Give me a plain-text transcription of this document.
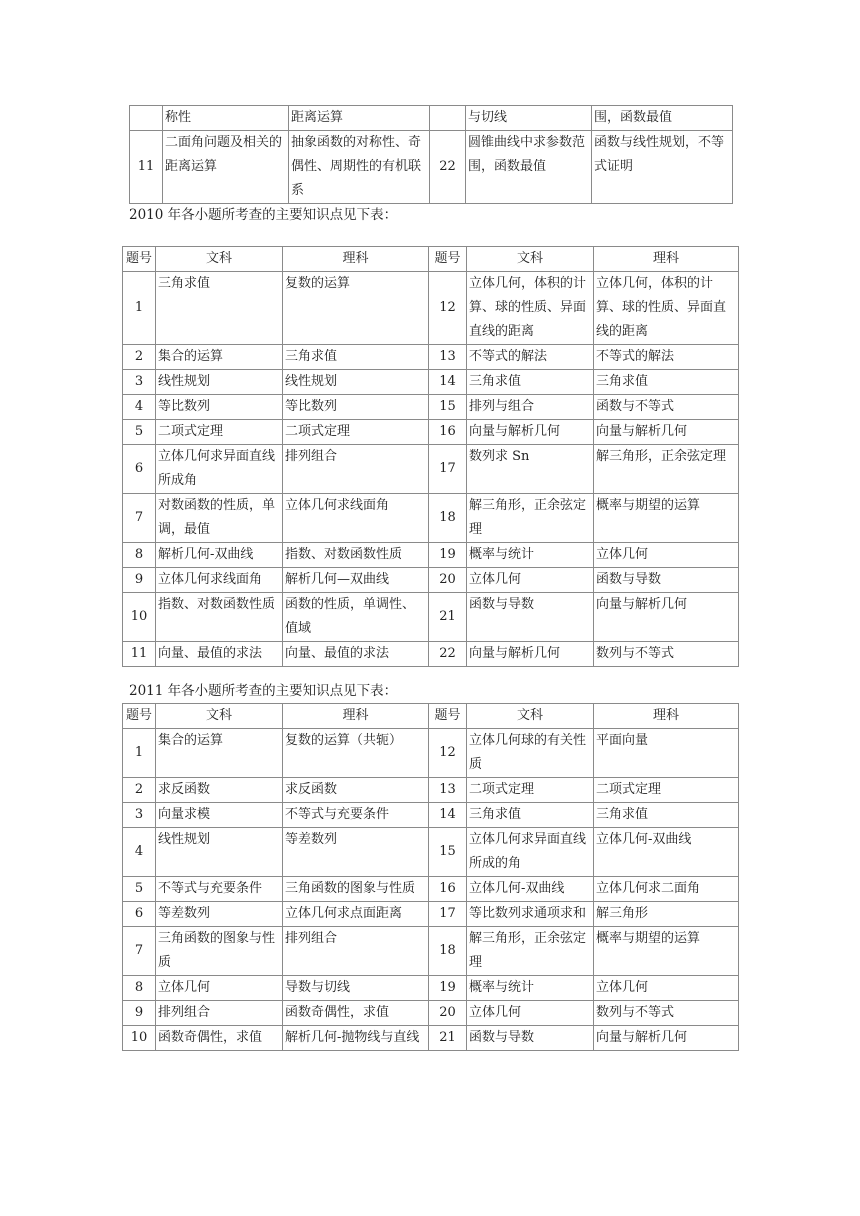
	称性	距离运算		与切线	围，函数最值
11	二面角问题及相关的距离运算	抽象函数的对称性、奇偶性、周期性的有机联系	22	圆锥曲线中求参数范围，函数最值	函数与线性规划，不等式证明
2010 年各小题所考查的主要知识点见下表：
题号	文科	理科	题号	文科	理科
1	三角求值	复数的运算	12	立体几何，体积的计算、球的性质、异面直线的距离	立体几何，体积的计算、球的性质、异面直线的距离
2	集合的运算	三角求值	13	不等式的解法	不等式的解法
3	线性规划	线性规划	14	三角求值	三角求值
4	等比数列	等比数列	15	排列与组合	函数与不等式
5	二项式定理	二项式定理	16	向量与解析几何	向量与解析几何
6	立体几何求异面直线所成角	排列组合	17	数列求 Sn	解三角形，正余弦定理
7	对数函数的性质，单调，最值	立体几何求线面角	18	解三角形，正余弦定理	概率与期望的运算
8	解析几何-双曲线	指数、对数函数性质	19	概率与统计	立体几何
9	立体几何求线面角	解析几何—双曲线	20	立体几何	函数与导数
10	指数、对数函数性质	函数的性质，单调性、值域	21	函数与导数	向量与解析几何
11	向量、最值的求法	向量、最值的求法	22	向量与解析几何	数列与不等式
2011 年各小题所考查的主要知识点见下表：
题号	文科	理科	题号	文科	理科
1	集合的运算	复数的运算（共轭）	12	立体几何球的有关性质	平面向量
2	求反函数	求反函数	13	二项式定理	二项式定理
3	向量求模	不等式与充要条件	14	三角求值	三角求值
4	线性规划	等差数列	15	立体几何求异面直线所成的角	立体几何-双曲线
5	不等式与充要条件	三角函数的图象与性质	16	立体几何-双曲线	立体几何求二面角
6	等差数列	立体几何求点面距离	17	等比数列求通项求和	解三角形
7	三角函数的图象与性质	排列组合	18	解三角形，正余弦定理	概率与期望的运算
8	立体几何	导数与切线	19	概率与统计	立体几何
9	排列组合	函数奇偶性，求值	20	立体几何	数列与不等式
10	函数奇偶性，求值	解析几何-抛物线与直线	21	函数与导数	向量与解析几何
